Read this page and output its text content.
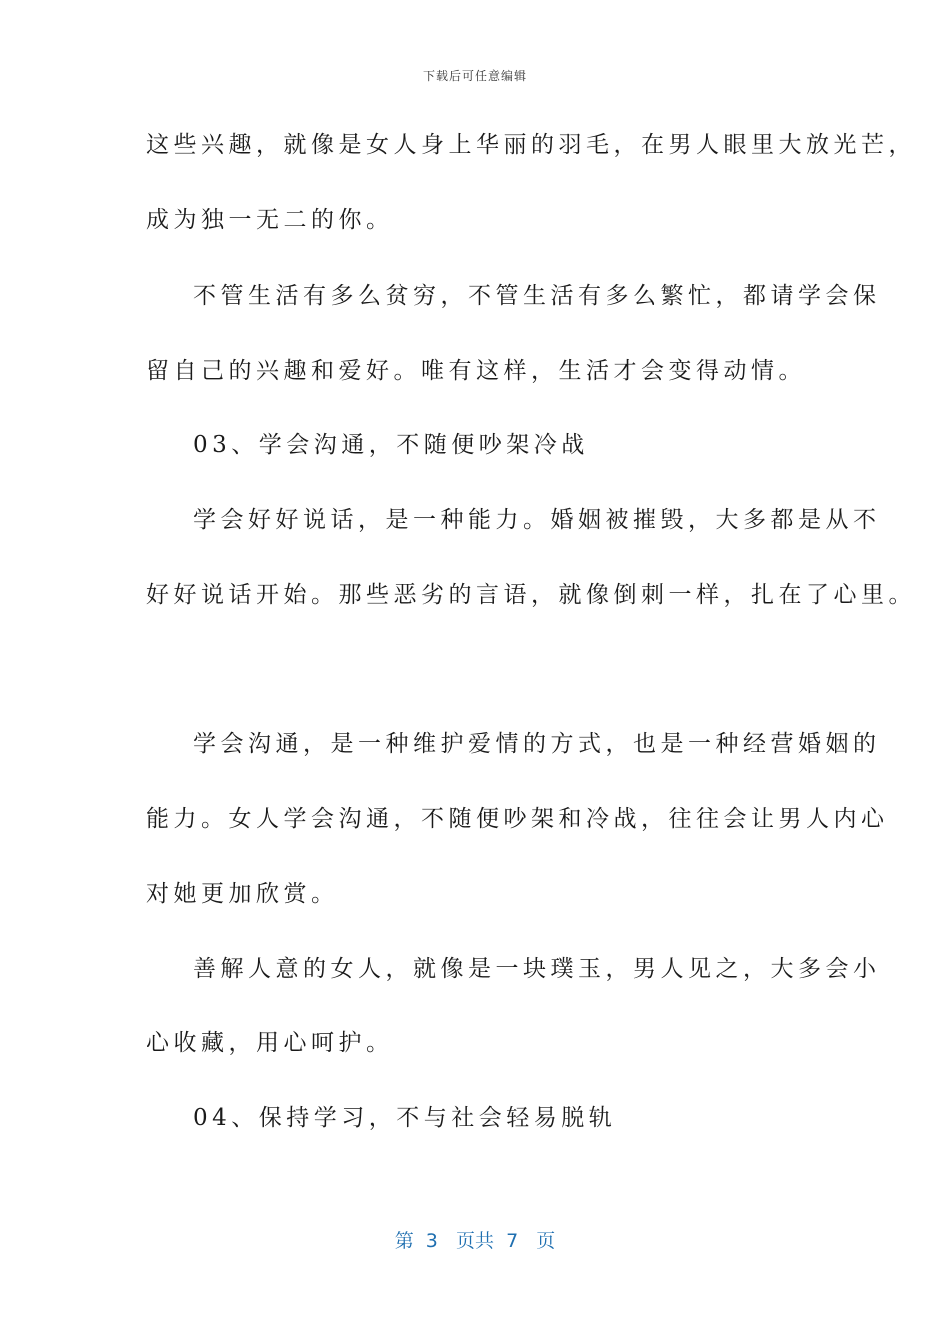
下载后可任意编辑
这些兴趣，就像是女人身上华丽的羽毛，在男人眼里大放光芒，
成为独一无二的你。
不管生活有多么贫穷，不管生活有多么繁忙，都请学会保
留自己的兴趣和爱好。唯有这样，生活才会变得动情。
03、学会沟通，不随便吵架冷战
学会好好说话，是一种能力。婚姻被摧毁，大多都是从不
好好说话开始。那些恶劣的言语，就像倒刺一样，扎在了心里。
学会沟通，是一种维护爱情的方式，也是一种经营婚姻的
能力。女人学会沟通，不随便吵架和冷战，往往会让男人内心
对她更加欣赏。
善解人意的女人，就像是一块璞玉，男人见之，大多会小
心收藏，用心呵护。
04、保持学习，不与社会轻易脱轨
第  3   页共  7   页
